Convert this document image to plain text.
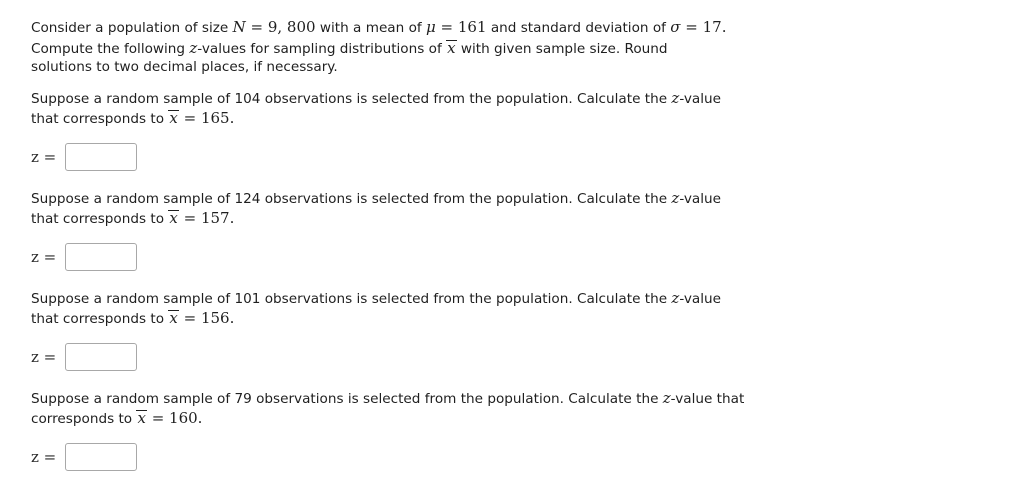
Consider a population of size N = 9, 800 with a mean of μ = 161 and standard deviation of σ = 17.
Compute the following z-values for sampling distributions of x with given sample size. Round solutions to two decimal places, if necessary.
Suppose a random sample of 104 observations is selected from the population. Calculate the z-value that corresponds to x = 165.
z =
Suppose a random sample of 124 observations is selected from the population. Calculate the z-value that corresponds to x = 157.
z =
Suppose a random sample of 101 observations is selected from the population. Calculate the z-value that corresponds to x = 156.
z =
Suppose a random sample of 79 observations is selected from the population. Calculate the z-value that corresponds to x = 160.
z =
